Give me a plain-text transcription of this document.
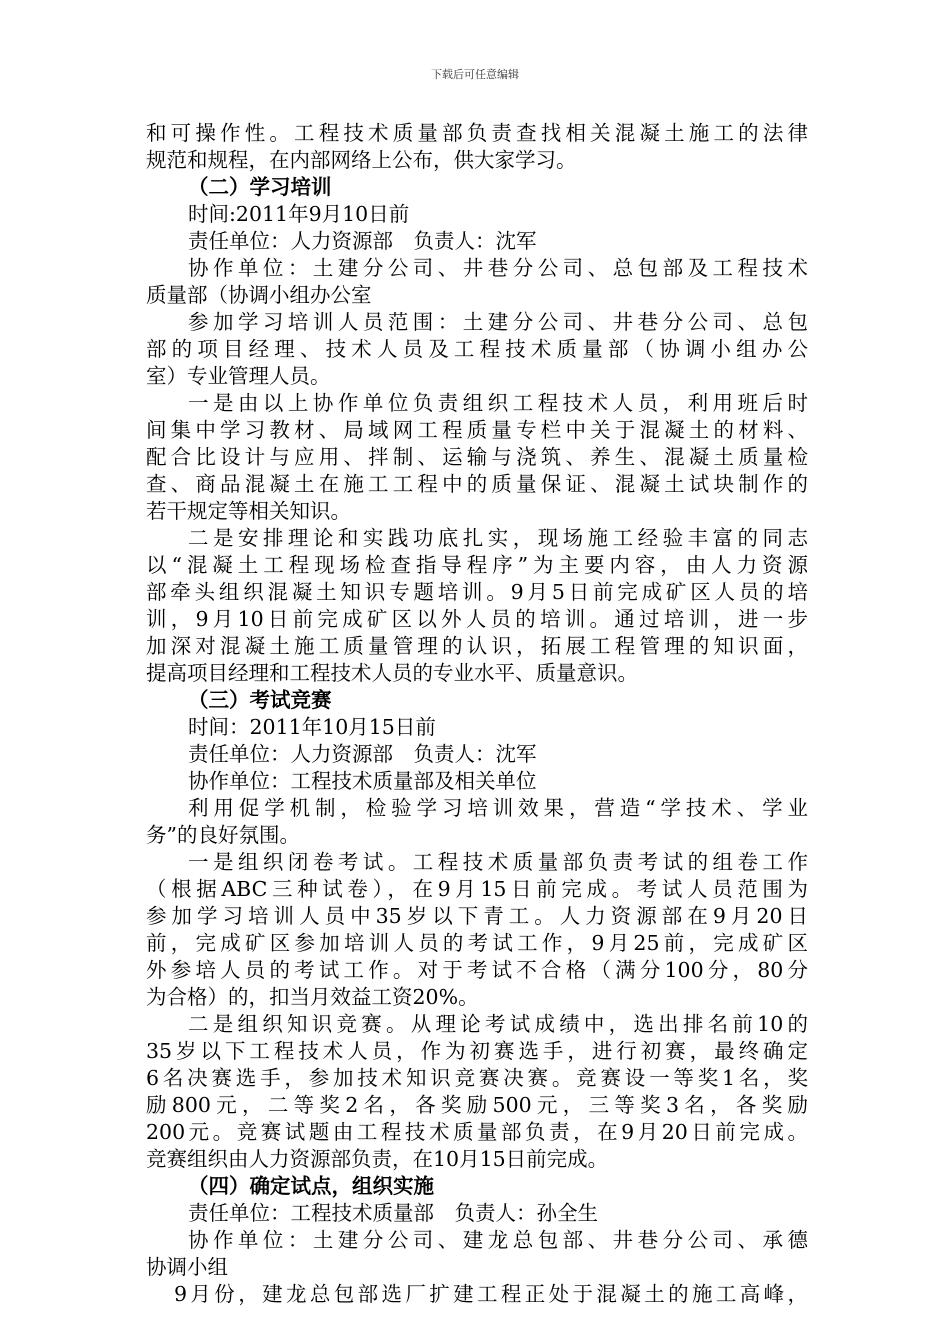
下载后可任意编辑
和可操作性。工程技术质量部负责查找相关混凝土施工的法律
规范和规程，在内部网络上公布，供大家学习。
（二）学习培训
时间:2011年9月10日前
责任单位：人力资源部　负责人：沈军
协作单位：土建分公司、井巷分公司、总包部及工程技术
质量部（协调小组办公室
参加学习培训人员范围：土建分公司、井巷分公司、总包
部的项目经理、技术人员及工程技术质量部（协调小组办公
室）专业管理人员。
一是由以上协作单位负责组织工程技术人员，利用班后时
间集中学习教材、局域网工程质量专栏中关于混凝土的材料、
配合比设计与应用、拌制、运输与浇筑、养生、混凝土质量检
查、商品混凝土在施工工程中的质量保证、混凝土试块制作的
若干规定等相关知识。
二是安排理论和实践功底扎实，现场施工经验丰富的同志
以“混凝土工程现场检查指导程序”为主要内容，由人力资源
部牵头组织混凝土知识专题培训。9月5日前完成矿区人员的培
训，9月10日前完成矿区以外人员的培训。通过培训，进一步
加深对混凝土施工质量管理的认识，拓展工程管理的知识面，
提高项目经理和工程技术人员的专业水平、质量意识。
（三）考试竞赛
时间：2011年10月15日前
责任单位：人力资源部　负责人：沈军
协作单位：工程技术质量部及相关单位
利用促学机制，检验学习培训效果，营造“学技术、学业
务”的良好氛围。
一是组织闭卷考试。工程技术质量部负责考试的组卷工作
（根据ABC三种试卷），在9月15日前完成。考试人员范围为
参加学习培训人员中35岁以下青工。人力资源部在9月20日
前，完成矿区参加培训人员的考试工作，9月25前，完成矿区
外参培人员的考试工作。对于考试不合格（满分100分，80分
为合格）的，扣当月效益工资20%。
二是组织知识竞赛。从理论考试成绩中，选出排名前10的
35岁以下工程技术人员，作为初赛选手，进行初赛，最终确定
6名决赛选手，参加技术知识竞赛决赛。竞赛设一等奖1名，奖
励800元，二等奖2名，各奖励500元，三等奖3名，各奖励
200元。竞赛试题由工程技术质量部负责，在9月20日前完成。
竞赛组织由人力资源部负责，在10月15日前完成。
（四）确定试点，组织实施
责任单位：工程技术质量部　负责人：孙全生
协作单位：土建分公司、建龙总包部、井巷分公司、承德
协调小组
9月份，建龙总包部选厂扩建工程正处于混凝土的施工高峰，
